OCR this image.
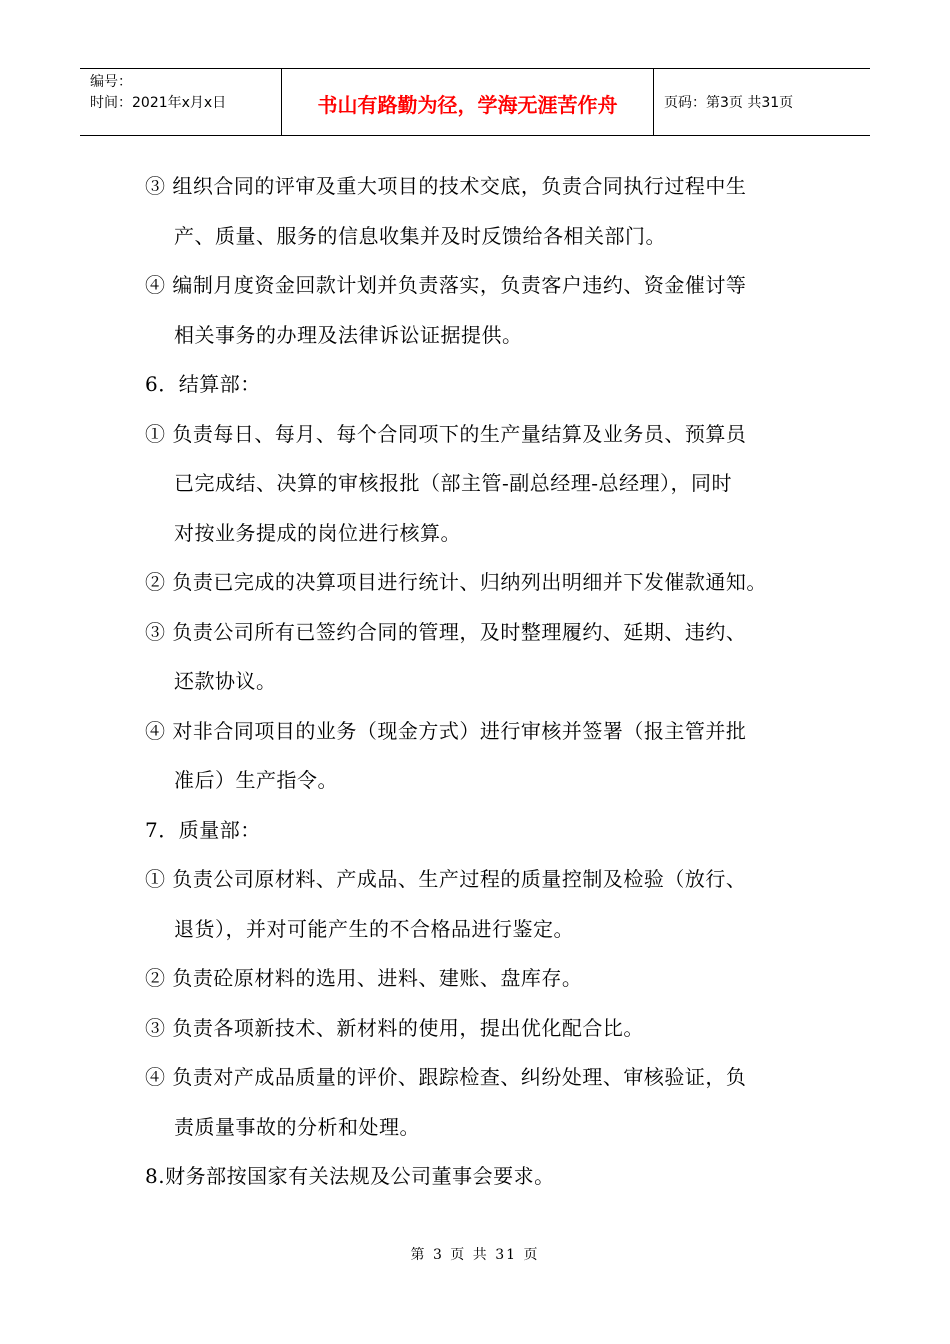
编号：
时间：2021年x月x日	书山有路勤为径，学海无涯苦作舟	页码：第3页 共31页
③ 组织合同的评审及重大项目的技术交底，负责合同执行过程中生
产、质量、服务的信息收集并及时反馈给各相关部门。
④ 编制月度资金回款计划并负责落实，负责客户违约、资金催讨等
相关事务的办理及法律诉讼证据提供。
6．结算部：
① 负责每日、每月、每个合同项下的生产量结算及业务员、预算员
已完成结、决算的审核报批（部主管-副总经理-总经理），同时
对按业务提成的岗位进行核算。
② 负责已完成的决算项目进行统计、归纳列出明细并下发催款通知。
③ 负责公司所有已签约合同的管理，及时整理履约、延期、违约、
还款协议。
④ 对非合同项目的业务（现金方式）进行审核并签署（报主管并批
准后）生产指令。
7．质量部：
① 负责公司原材料、产成品、生产过程的质量控制及检验（放行、
退货），并对可能产生的不合格品进行鉴定。
② 负责砼原材料的选用、进料、建账、盘库存。
③ 负责各项新技术、新材料的使用，提出优化配合比。
④ 负责对产成品质量的评价、跟踪检查、纠纷处理、审核验证，负
责质量事故的分析和处理。
8.财务部按国家有关法规及公司董事会要求。
第 3 页 共 31 页
